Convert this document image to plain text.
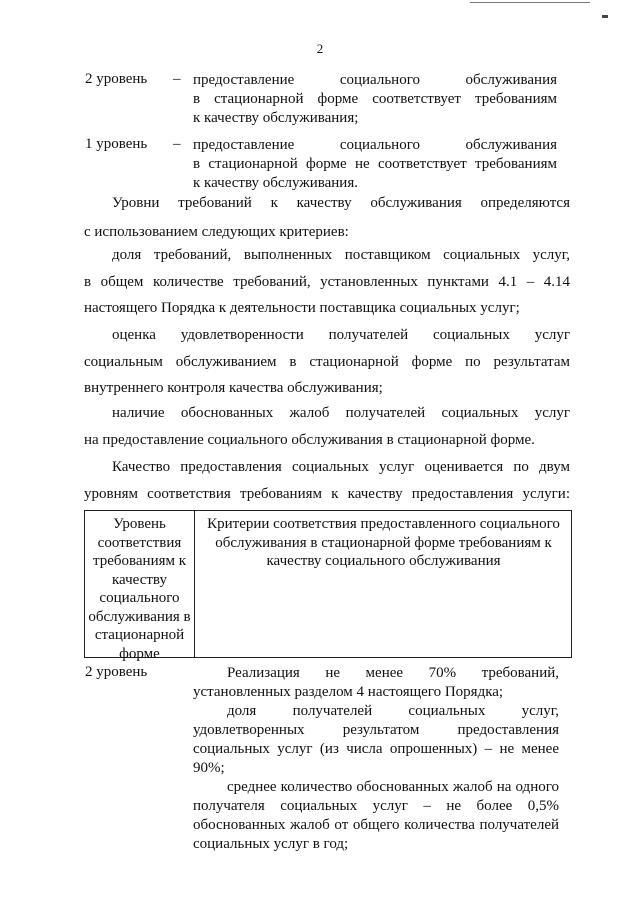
2
2 уровень – предоставление социального обслуживания
в стационарной форме соответствует требованиям
к качеству обслуживания;
1 уровень – предоставление социального обслуживания
в стационарной форме не соответствует требованиям
к качеству обслуживания.
Уровни требований к качеству обслуживания определяются
с использованием следующих критериев:
доля требований, выполненных поставщиком социальных услуг,
в общем количестве требований, установленных пунктами 4.1 – 4.14
настоящего Порядка к деятельности поставщика социальных услуг;
оценка удовлетворенности получателей социальных услуг
социальным обслуживанием в стационарной форме по результатам
внутреннего контроля качества обслуживания;
наличие обоснованных жалоб получателей социальных услуг
на предоставление социального обслуживания в стационарной форме.
Качество предоставления социальных услуг оценивается по двум
уровням соответствия требованиям к качеству предоставления услуги:
Уровень
соответствия
требованиям к
качеству
социального
обслуживания в
стационарной
форме
Критерии соответствия предоставленного социального
обслуживания в стационарной форме требованиям к
качеству социального обслуживания
2 уровень	Реализация не менее 70% требований,
установленных разделом 4 настоящего Порядка;
доля получателей социальных услуг,
удовлетворенных результатом предоставления
социальных услуг (из числа опрошенных) – не менее
90%;
среднее количество обоснованных жалоб на одного
получателя социальных услуг – не более 0,5%
обоснованных жалоб от общего количества получателей
социальных услуг в год;
